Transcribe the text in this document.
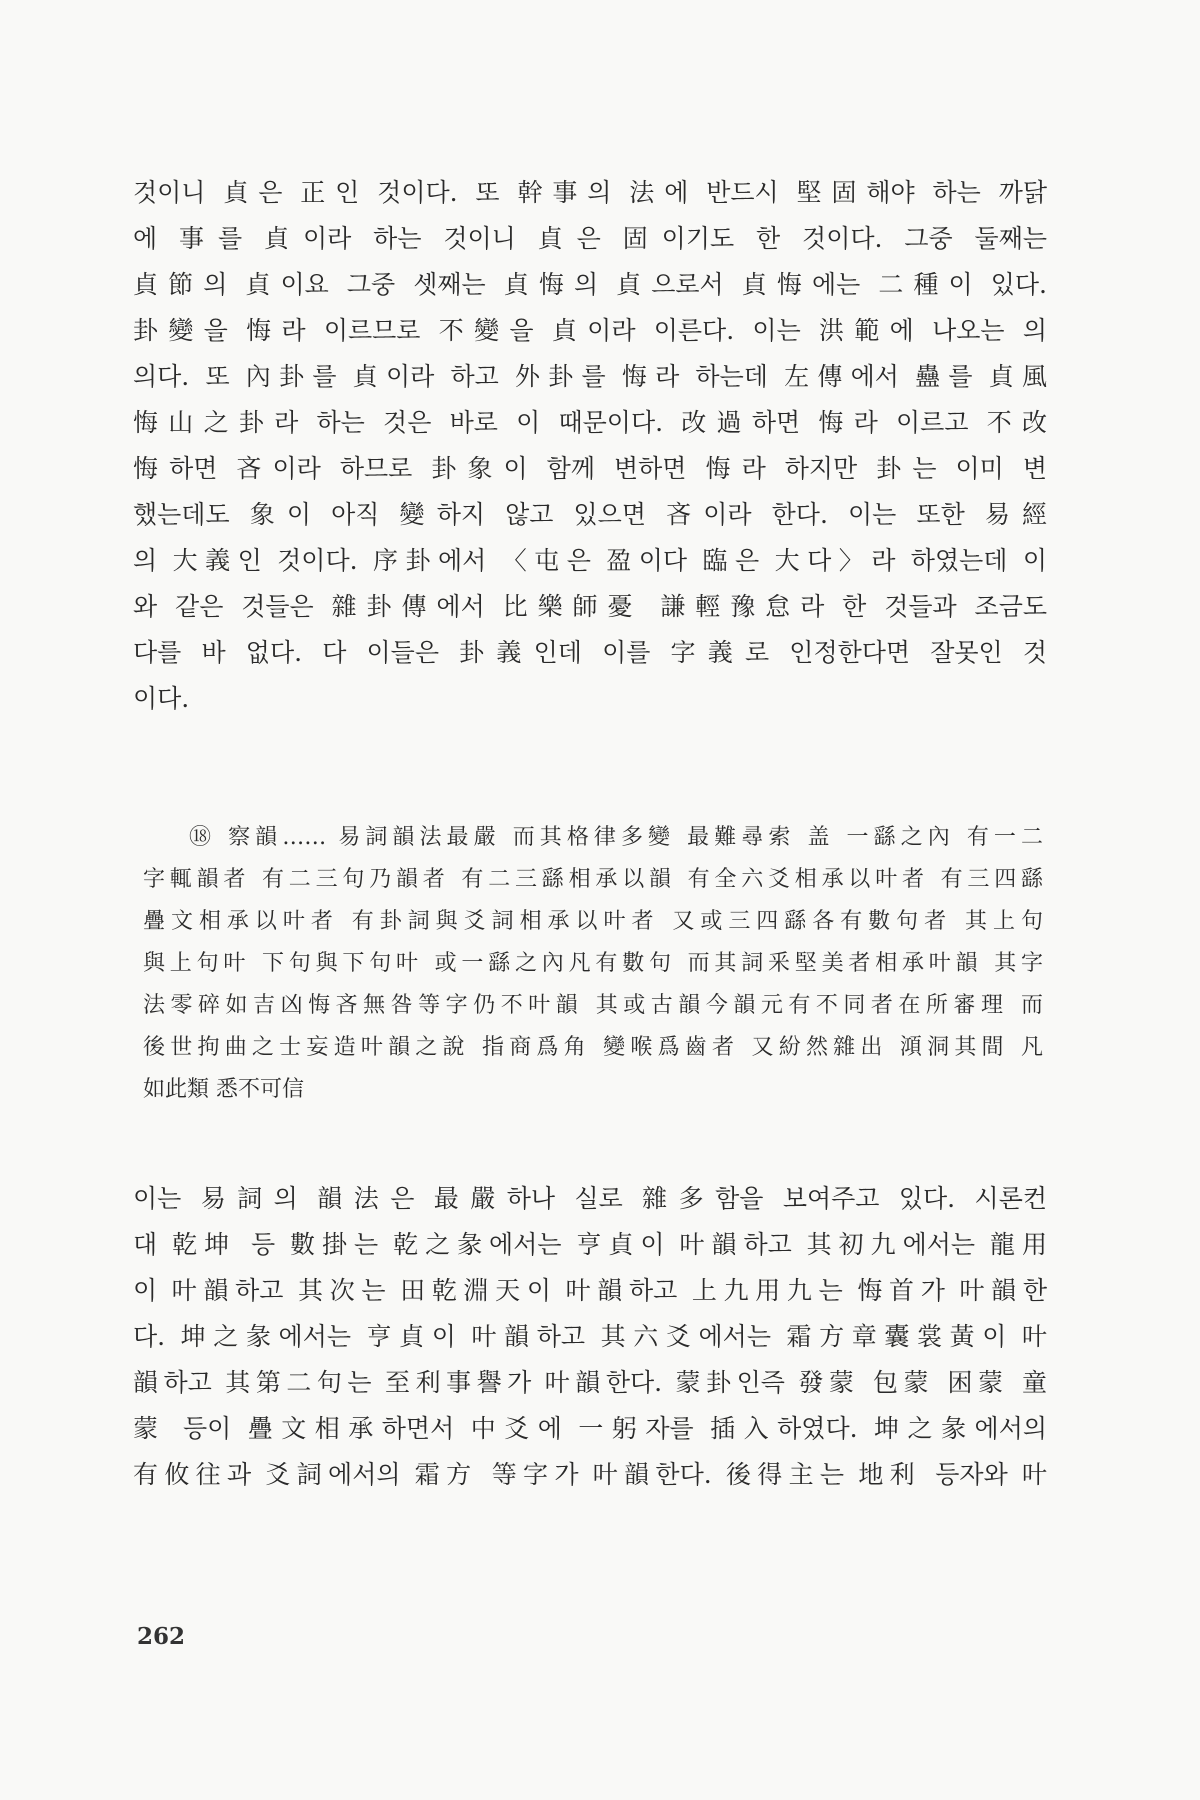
것이니 貞은 正인 것이다. 또 幹事의 法에 반드시 堅固해야 하는 까닭
에 事를 貞이라 하는 것이니 貞은 固이기도 한 것이다. 그중 둘째는
貞節의 貞이요 그중 셋째는 貞悔의 貞으로서 貞悔에는 二種이 있다.
卦變을 悔라 이르므로 不變을 貞이라 이른다. 이는 洪範에 나오는 의
의다. 또 內卦를 貞이라 하고 外卦를 悔라 하는데 左傳에서 蠱를 貞風
悔山之卦라 하는 것은 바로 이 때문이다. 改過하면 悔라 이르고 不改
悔하면 吝이라 하므로 卦象이 함께 변하면 悔라 하지만 卦는 이미 변
했는데도 象이 아직 變하지 않고 있으면 吝이라 한다. 이는 또한 易經
의 大義인 것이다. 序卦에서 〈屯은 盈이다 臨은 大다〉라 하였는데 이
와 같은 것들은 雜卦傳에서 比樂師憂 謙輕豫怠라 한 것들과 조금도
다를 바 없다. 다 이들은 卦義인데 이를 字義로 인정한다면 잘못인 것
이다.
⑱ 察韻…… 易詞韻法最嚴 而其格律多變 最難尋索 盖 一繇之內 有一二
字輒韻者 有二三句乃韻者 有二三繇相承以韻 有全六爻相承以叶者 有三四繇
疊文相承以叶者 有卦詞與爻詞相承以叶者 又或三四繇各有數句者 其上句
與上句叶 下句與下句叶 或一繇之內凡有數句 而其詞釆堅美者相承叶韻 其字
法零碎如吉凶悔吝無咎等字仍不叶韻 其或古韻今韻元有不同者在所審理 而
後世拘曲之士妄造叶韻之說 指商爲角 變喉爲齒者 又紛然雜出 澒洞其間 凡
如此類 悉不可信
이는 易詞의 韻法은 最嚴하나 실로 雜多함을 보여주고 있다. 시론컨
대 乾坤 등 數掛는 乾之彖에서는 亨貞이 叶韻하고 其初九에서는 龍用
이 叶韻하고 其次는 田乾淵天이 叶韻하고 上九用九는 悔首가 叶韻한
다. 坤之彖에서는 亨貞이 叶韻하고 其六爻에서는 霜方章囊裳黃이 叶
韻하고 其第二句는 至利事譽가 叶韻한다. 蒙卦인즉 發蒙 包蒙 困蒙 童
蒙 등이 疊文相承하면서 中爻에 一躬자를 插入하였다. 坤之彖에서의
有攸往과 爻詞에서의 霜方 等字가 叶韻한다. 後得主는 地利 등자와 叶
262
